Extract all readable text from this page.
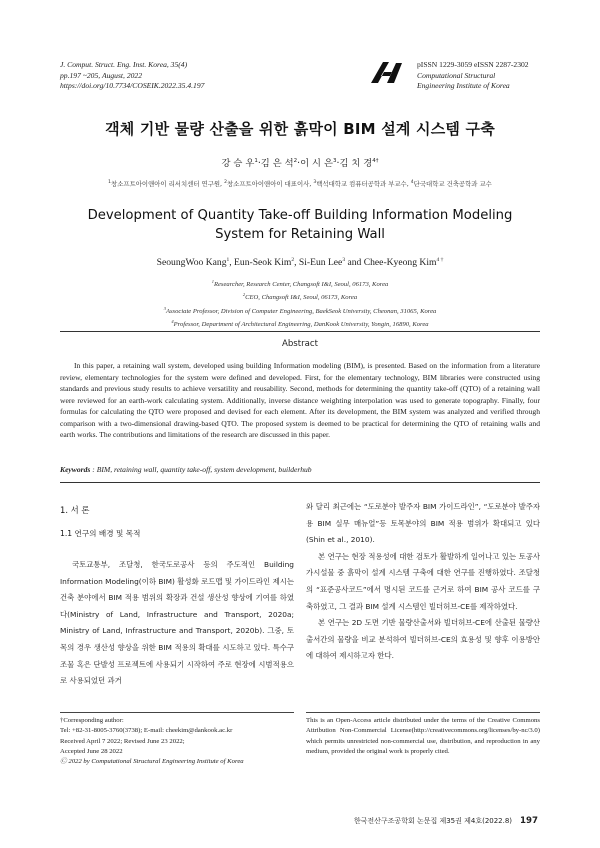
J. Comput. Struct. Eng. Inst. Korea, 35(4)
pp.197 ~205, August, 2022
https://doi.org/10.7734/COSEIK.2022.35.4.197
pISSN 1229-3059 eISSN 2287-2302
Computational Structural
Engineering Institute of Korea
객체 기반 물량 산출을 위한 흙막이 BIM 설계 시스템 구축
강 승 우$^1$·김 은 석$^2$·이 시 은$^3$·김 치 경$^{4\dagger}$
$^1$창소프트아이앤아이 리서치센터 연구원, $^2$창소프트아이앤아이 대표이사, $^3$백석대학교 컴퓨터공학과 부교수, $^4$단국대학교 건축공학과 교수
Development of Quantity Take-off Building Information Modeling
System for Retaining Wall
SeoungWoo Kang$^1$, Eun-Seok Kim$^2$, Si-Eun Lee$^3$ and Chee-Kyeong Kim$^{4 \dagger}$
$^1$Researcher, Research Center, Changsoft I&I, Seoul, 06173, Korea
$^2$CEO, Changsoft I&I, Seoul, 06173, Korea
$^3$Associate Professor, Division of Computer Engineering, BaekSeok University, Cheonan, 31065, Korea
$^4$Professor, Department of Architectural Engineering, DanKook University, Yongin, 16890, Korea
Abstract
In this paper, a retaining wall system, developed using building Information modeling (BIM), is presented. Based on the information from a literature review, elementary technologies for the system were defined and developed. First, for the elementary technology, BIM libraries were constructed using standards and previous study results to achieve versatility and reusability. Second, methods for determining the quantity take-off (QTO) of a retaining wall were reviewed for an earth-work calculating system. Additionally, inverse distance weighting interpolation was used to generate topography. Finally, four formulas for calculating the QTO were proposed and devised for each element. After its development, the BIM system was analyzed and verified through comparison with a two-dimensional drawing-based QTO. The proposed system is deemed to be practical for determining the QTO of retaining walls and earth works. The contributions and limitations of the research are discussed in this paper.
Keywords : BIM, retaining wall, quantity take-off, system development, builderhub
1. 서 론
1.1 연구의 배경 및 목적

국토교통부, 조달청, 한국도로공사 등의 주도적인 Building Information Modeling(이하 BIM) 활성화 로드맵 및 가이드라인 제시는 건축 분야에서 BIM 적용 범위의 확장과 건설 생산성 향상에 기여를 하였다(Ministry of Land, Infrastructure and Transport, 2020a; Ministry of Land, Infrastructure and Transport, 2020b). 그중, 토목의 경우 생산성 향상을 위한 BIM 적용의 확대를 시도하고 있다. 특수구조물 혹은 단발성 프로젝트에 사용되기 시작하여 주로 현장에 시범적용으로 사용되었던 과거

와 달리 최근에는 “도로분야 발주자 BIM 가이드라인”, “도로분야 발주자용 BIM 실무 매뉴얼”등 토목분야의 BIM 적용 범위가 확대되고 있다(Shin et al., 2010).

본 연구는 현장 적용성에 대한 검토가 활발하게 일어나고 있는 토공사 가시설물 중 흙막이 설계 시스템 구축에 대한 연구를 진행하였다. 조달청의 “표준공사코드”에서 명시된 코드를 근거로 하여 BIM 공사 코드를 구축하였고, 그 결과 BIM 설계 시스템인 빌더허브-CE를 제작하였다.

본 연구는 2D 도면 기반 물량산출서와 빌더허브-CE에 산출된 물량산출서간의 물량을 비교 분석하여 빌더허브-CE의 효용성 및 향후 이용방안에 대하여 제시하고자 한다.

†Corresponding author:

Tel: +82-31-8005-3760(3738); E-mail: cheekim@dankook.ac.kr

Received April 7 2022; Revised June 23 2022;

Accepted June 28 2022

Ⓒ 2022 by Computational Structural Engineering Institute of Korea

This is an Open-Access article distributed under the terms of the Creative Commons Attribution Non-Commercial License(http://creativecommons.org/licenses/by-nc/3.0) which permits unrestricted non-commercial use, distribution, and reproduction in any medium, provided the original work is properly cited.
한국전산구조공학회 논문집 제35권 제4호(2022.8) 197
